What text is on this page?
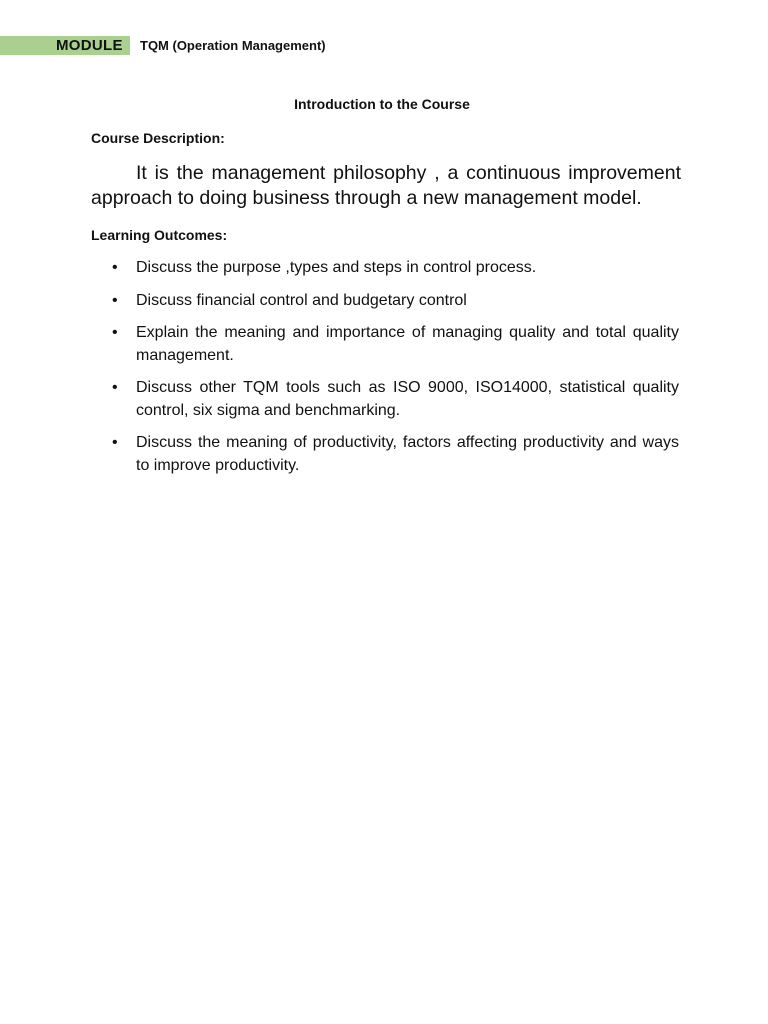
MODULE	TQM (Operation Management)
Introduction to the Course
Course Description:

It is the management philosophy , a continuous improvement approach to doing business through a new management model.

Learning Outcomes:
• Discuss the purpose ,types and steps in control process.
• Discuss financial control and budgetary control
• Explain the meaning and importance of managing quality and total quality management.
• Discuss other TQM tools such as ISO 9000, ISO14000, statistical quality control, six sigma and benchmarking.
• Discuss the meaning of productivity, factors affecting productivity and ways to improve productivity.
